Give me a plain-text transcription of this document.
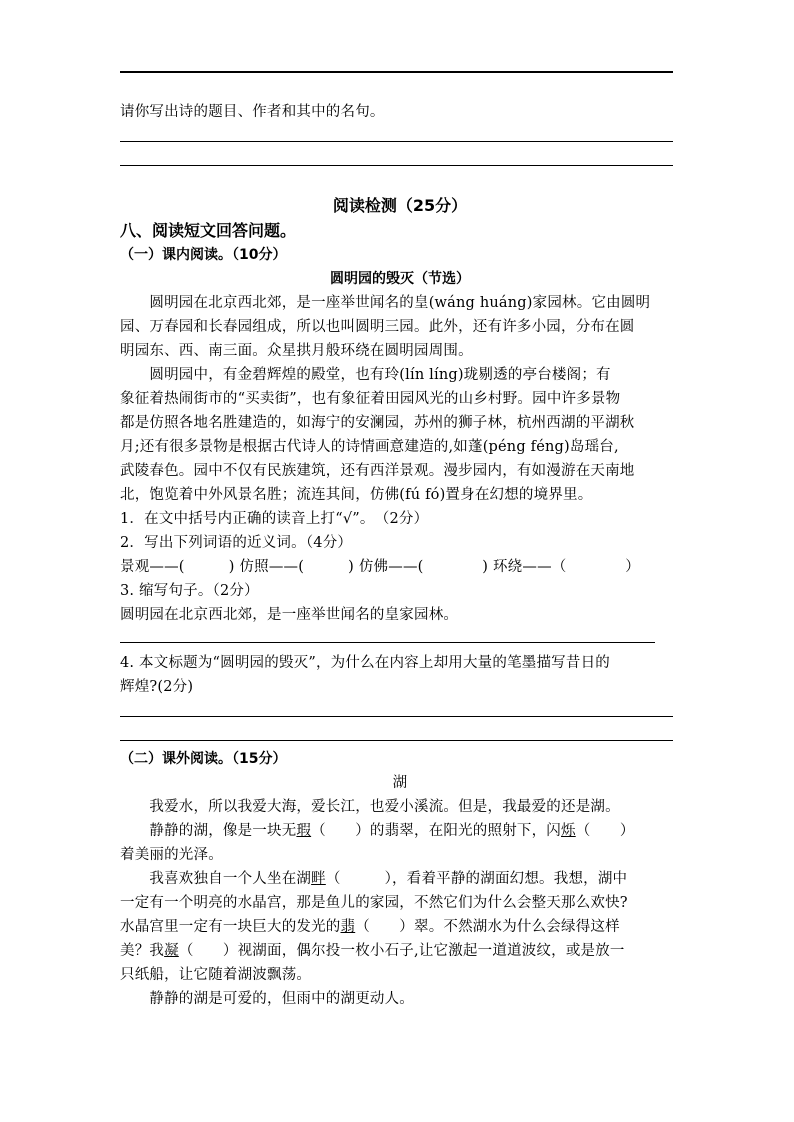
请你写出诗的题目、作者和其中的名句。
阅读检测（25分）
八、阅读短文回答问题。
（一）课内阅读。（10分）
圆明园的毁灭（节选）
　　圆明园在北京西北郊，是一座举世闻名的皇(wáng huáng)家园林。它由圆明
园、万春园和长春园组成，所以也叫圆明三园。此外，还有许多小园，分布在圆
明园东、西、南三面。众星拱月般环绕在圆明园周围。
　　圆明园中，有金碧辉煌的殿堂，也有玲(lín líng)珑剔透的亭台楼阁；有
象征着热闹街市的“买卖街”，也有象征着田园风光的山乡村野。园中许多景物
都是仿照各地名胜建造的，如海宁的安澜园，苏州的狮子林，杭州西湖的平湖秋
月;还有很多景物是根据古代诗人的诗情画意建造的,如蓬(péng féng)岛瑶台,
武陵春色。园中不仅有民族建筑，还有西洋景观。漫步园内，有如漫游在天南地
北，饱览着中外风景名胜；流连其间，仿佛(fú fó)置身在幻想的境界里。
1．在文中括号内正确的读音上打“√”。　（2分）
2．写出下列词语的近义词。（4分）
景观——(　　　) 仿照——(　　　) 仿佛——(　　　　) 环绕——（　　　　）
3. 缩写句子。（2分）
圆明园在北京西北郊，是一座举世闻名的皇家园林。
4. 本文标题为“圆明园的毁灭”，为什么在内容上却用大量的笔墨描写昔日的
辉煌?(2分)
（二）课外阅读。（15分）
湖
　　我爱水，所以我爱大海，爱长江，也爱小溪流。但是，我最爱的还是湖。
　　静静的湖，像是一块无瑕（　　）的翡翠，在阳光的照射下，闪烁（　　）
着美丽的光泽。
　　我喜欢独自一个人坐在湖畔（　　　），看着平静的湖面幻想。我想，湖中
一定有一个明亮的水晶宫，那是鱼儿的家园，不然它们为什么会整天那么欢快?
水晶宫里一定有一块巨大的发光的翡（　　）翠。不然湖水为什么会绿得这样
美？我凝（　　）视湖面，偶尔投一枚小石子,让它激起一道道波纹，或是放一
只纸船，让它随着湖波飘荡。
　　静静的湖是可爱的，但雨中的湖更动人。
